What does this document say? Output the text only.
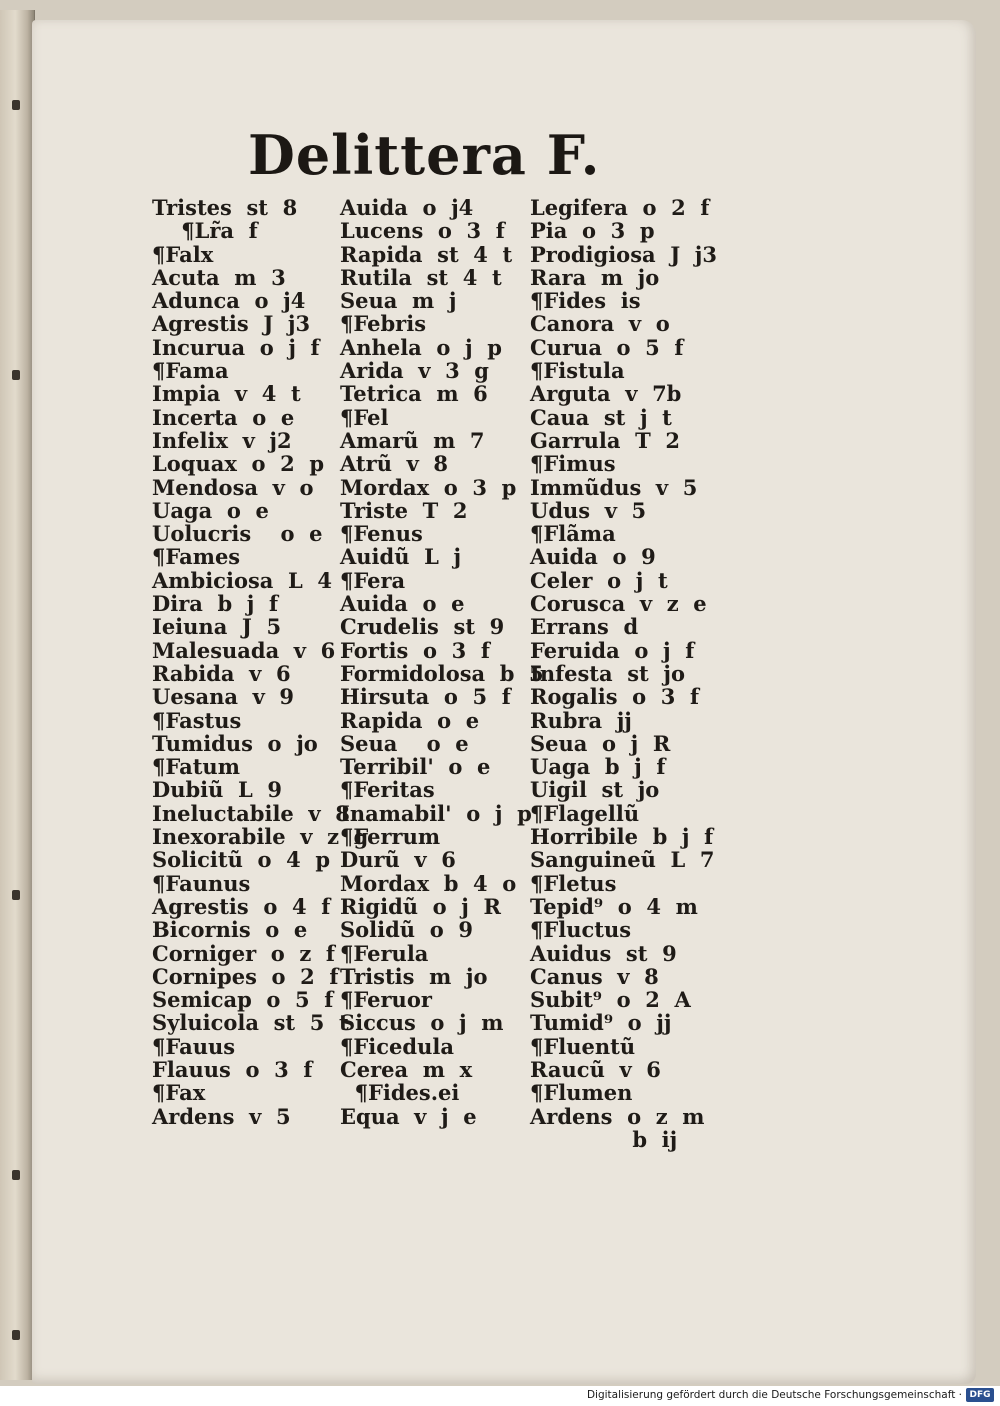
Delittera F.
Tristes  st  8
¶Lr̃a  f
¶Falx
Acuta  m  3
Adunca  o  j4
Agrestis  J  j3
Incurua  o  j  f
¶Fama
Impia  v  4  t
Incerta  o  e
Infelix  v  j2
Loquax  o  2  p
Mendosa  v  o
Uaga  o  e
Uolucris    o  e
¶Fames
Ambiciosa  L  4
Dira  b  j  f
Ieiuna  J  5
Malesuada  v  6
Rabida  v  6
Uesana  v  9
¶Fastus
Tumidus  o  jo
¶Fatum
Dubiũ  L  9
Ineluctabile  v  8
Inexorabile  v  z  g
Solicitũ  o  4  p
¶Faunus
Agrestis  o  4  f
Bicornis  o  e
Corniger  o  z  f
Cornipes  o  2  f
Semicap  o  5  f
Syluicola  st  5  t
¶Fauus
Flauus  o  3  f
¶Fax
Ardens  v  5
Auida  o  j4
Lucens  o  3  f
Rapida  st  4  t
Rutila  st  4  t
Seua  m  j
¶Febris
Anhela  o  j  p
Arida  v  3  g
Tetrica  m  6
¶Fel
Amarũ  m  7
Atrũ  v  8
Mordax  o  3  p
Triste  T  2
¶Fenus
Auidũ  L  j
¶Fera
Auida  o  e
Crudelis  st  9
Fortis  o  3  f
Formidolosa  b  5
Hirsuta  o  5  f
Rapida  o  e
Seua    o  e
Terribil'  o  e
¶Feritas
Inamabil'  o  j  p
¶Ferrum
Durũ  v  6
Mordax  b  4  o
Rigidũ  o  j  R
Solidũ  o  9
¶Ferula
Tristis  m  jo
¶Feruor
Siccus  o  j  m
¶Ficedula
Cerea  m  x
¶Fides.ei
Equa  v  j  e
Legifera  o  2  f
Pia  o  3  p
Prodigiosa  J  j3
Rara  m  jo
¶Fides  is
Canora  v  o
Curua  o  5  f
¶Fistula
Arguta  v  7b
Caua  st  j  t
Garrula  T  2
¶Fimus
Immũdus  v  5
Udus  v  5
¶Flãma
Auida  o  9
Celer  o  j  t
Corusca  v  z  e
Errans  d
Feruida  o  j  f
Infesta  st  jo
Rogalis  o  3  f
Rubra  jj
Seua  o  j  R
Uaga  b  j  f
Uigil  st  jo
¶Flagellũ
Horribile  b  j  f
Sanguineũ  L  7
¶Fletus
Tepid⁹  o  4  m
¶Fluctus
Auidus  st  9
Canus  v  8
Subit⁹  o  2  A
Tumid⁹  o  jj
¶Fluentũ
Raucũ  v  6
¶Flumen
Ardens  o  z  m
b  ij
Digitalisierung gefördert durch die Deutsche Forschungsgemeinschaft · DFG
